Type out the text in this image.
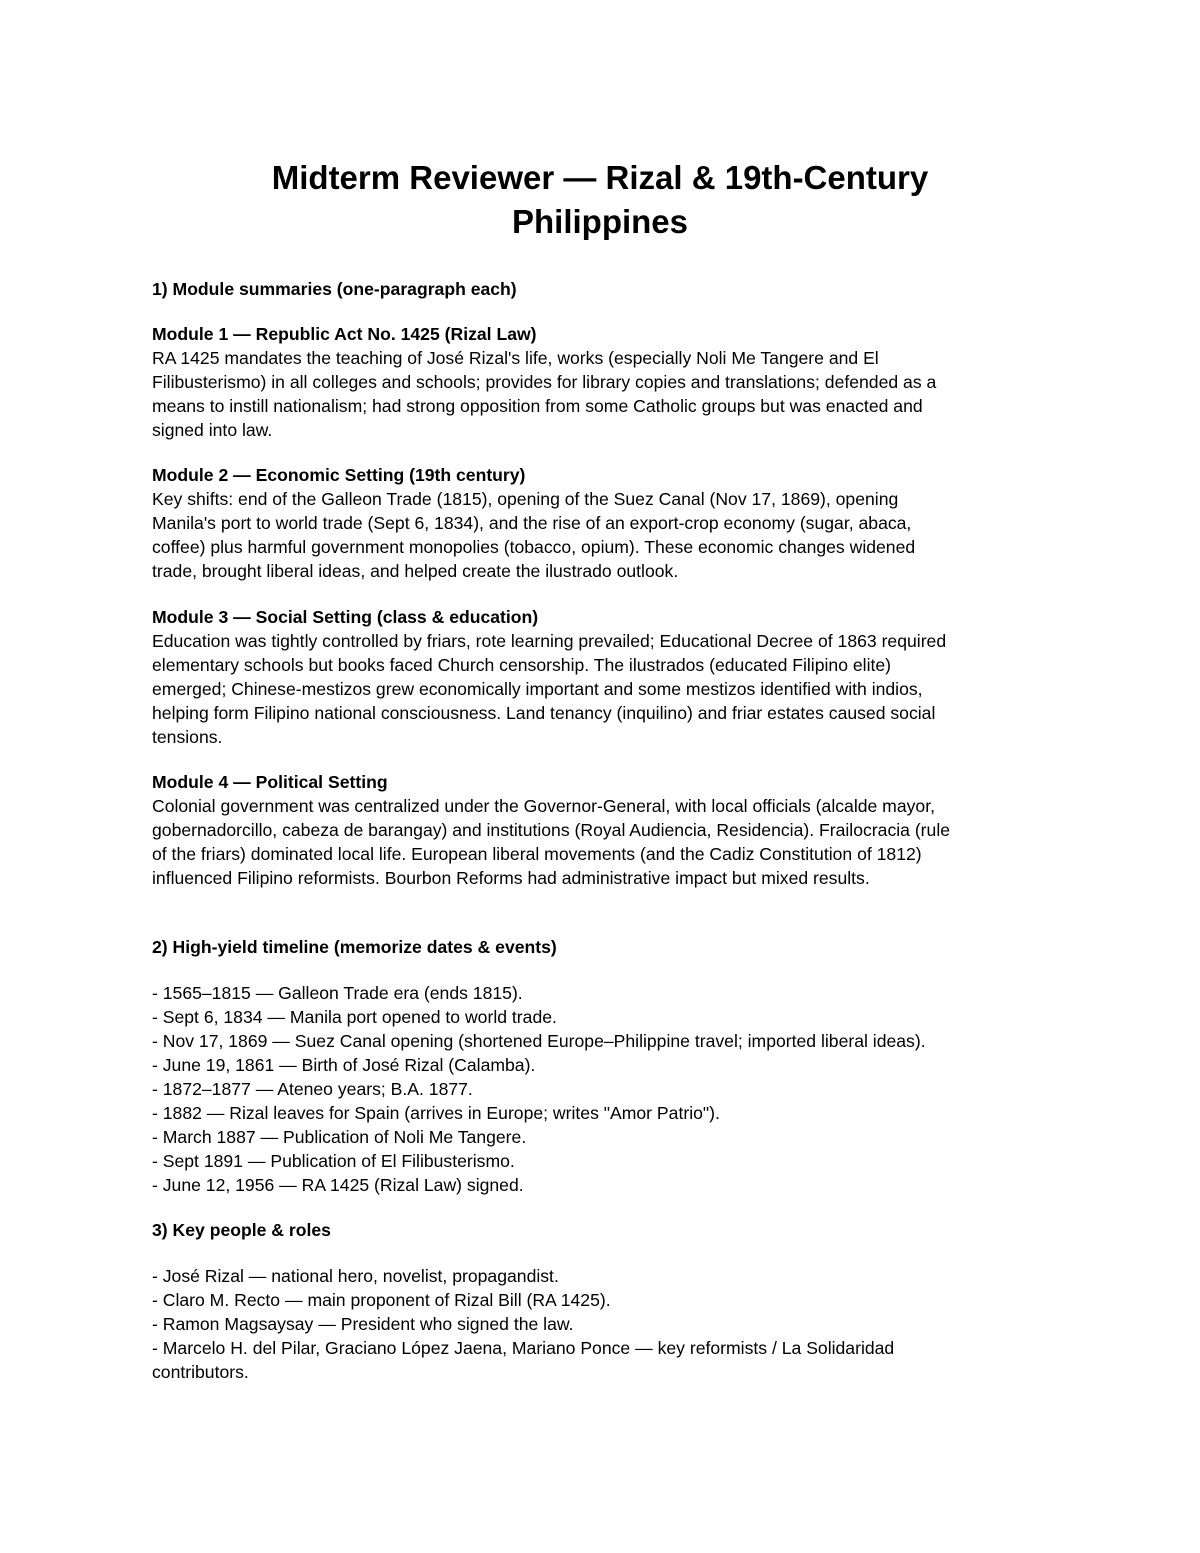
Midterm Reviewer — Rizal & 19th-Century
Philippines

1) Module summaries (one-paragraph each)

Module 1 — Republic Act No. 1425 (Rizal Law)

RA 1425 mandates the teaching of José Rizal's life, works (especially Noli Me Tangere and El

Filibusterismo) in all colleges and schools; provides for library copies and translations; defended as a

means to instill nationalism; had strong opposition from some Catholic groups but was enacted and

signed into law.

Module 2 — Economic Setting (19th century)

Key shifts: end of the Galleon Trade (1815), opening of the Suez Canal (Nov 17, 1869), opening

Manila's port to world trade (Sept 6, 1834), and the rise of an export-crop economy (sugar, abaca,

coffee) plus harmful government monopolies (tobacco, opium). These economic changes widened

trade, brought liberal ideas, and helped create the ilustrado outlook.

Module 3 — Social Setting (class & education)

Education was tightly controlled by friars, rote learning prevailed; Educational Decree of 1863 required

elementary schools but books faced Church censorship. The ilustrados (educated Filipino elite)

emerged; Chinese-mestizos grew economically important and some mestizos identified with indios,

helping form Filipino national consciousness. Land tenancy (inquilino) and friar estates caused social

tensions.

Module 4 — Political Setting

Colonial government was centralized under the Governor-General, with local officials (alcalde mayor,

gobernadorcillo, cabeza de barangay) and institutions (Royal Audiencia, Residencia). Frailocracia (rule

of the friars) dominated local life. European liberal movements (and the Cadiz Constitution of 1812)

influenced Filipino reformists. Bourbon Reforms had administrative impact but mixed results.

2) High-yield timeline (memorize dates & events)

- 1565–1815 — Galleon Trade era (ends 1815).

- Sept 6, 1834 — Manila port opened to world trade.

- Nov 17, 1869 — Suez Canal opening (shortened Europe–Philippine travel; imported liberal ideas).

- June 19, 1861 — Birth of José Rizal (Calamba).

- 1872–1877 — Ateneo years; B.A. 1877.

- 1882 — Rizal leaves for Spain (arrives in Europe; writes "Amor Patrio").

- March 1887 — Publication of Noli Me Tangere.

- Sept 1891 — Publication of El Filibusterismo.

- June 12, 1956 — RA 1425 (Rizal Law) signed.

3) Key people & roles

- José Rizal — national hero, novelist, propagandist.

- Claro M. Recto — main proponent of Rizal Bill (RA 1425).

- Ramon Magsaysay — President who signed the law.

- Marcelo H. del Pilar, Graciano López Jaena, Mariano Ponce — key reformists / La Solidaridad

contributors.
